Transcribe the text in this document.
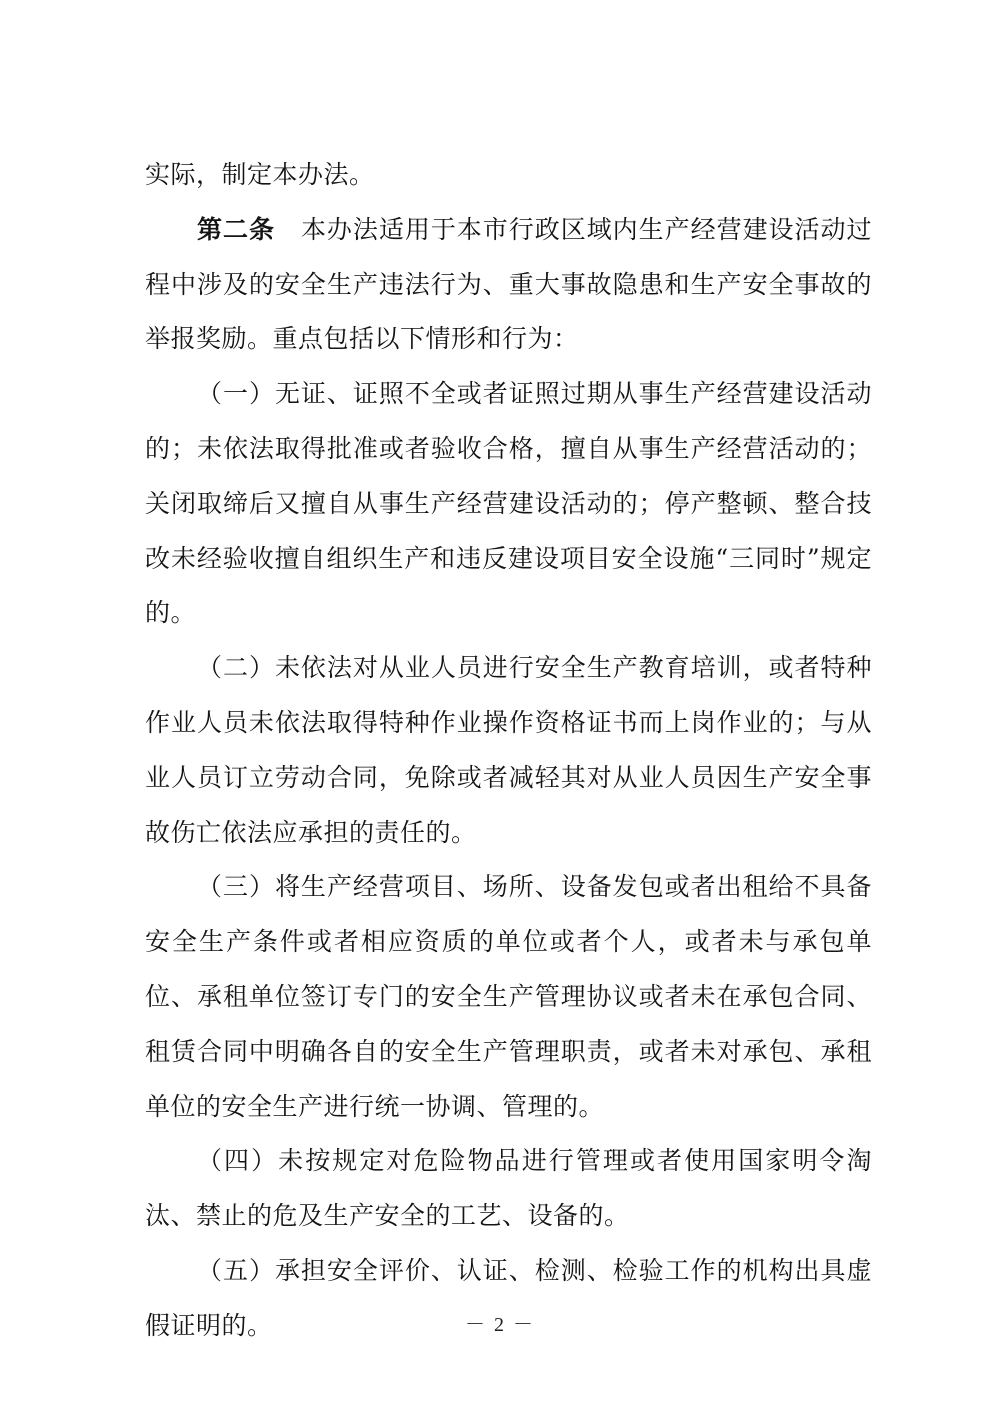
实际，制定本办法。

第二条 本办法适用于本市行政区域内生产经营建设活动过程中涉及的安全生产违法行为、重大事故隐患和生产安全事故的举报奖励。重点包括以下情形和行为：

（一）无证、证照不全或者证照过期从事生产经营建设活动的；未依法取得批准或者验收合格，擅自从事生产经营活动的；关闭取缔后又擅自从事生产经营建设活动的；停产整顿、整合技改未经验收擅自组织生产和违反建设项目安全设施“三同时”规定的。

（二）未依法对从业人员进行安全生产教育培训，或者特种作业人员未依法取得特种作业操作资格证书而上岗作业的；与从业人员订立劳动合同，免除或者减轻其对从业人员因生产安全事故伤亡依法应承担的责任的。

（三）将生产经营项目、场所、设备发包或者出租给不具备安全生产条件或者相应资质的单位或者个人，或者未与承包单位、承租单位签订专门的安全生产管理协议或者未在承包合同、租赁合同中明确各自的安全生产管理职责，或者未对承包、承租单位的安全生产进行统一协调、管理的。

（四）未按规定对危险物品进行管理或者使用国家明令淘汰、禁止的危及生产安全的工艺、设备的。

（五）承担安全评价、认证、检测、检验工作的机构出具虚假证明的。	－ 2 －
